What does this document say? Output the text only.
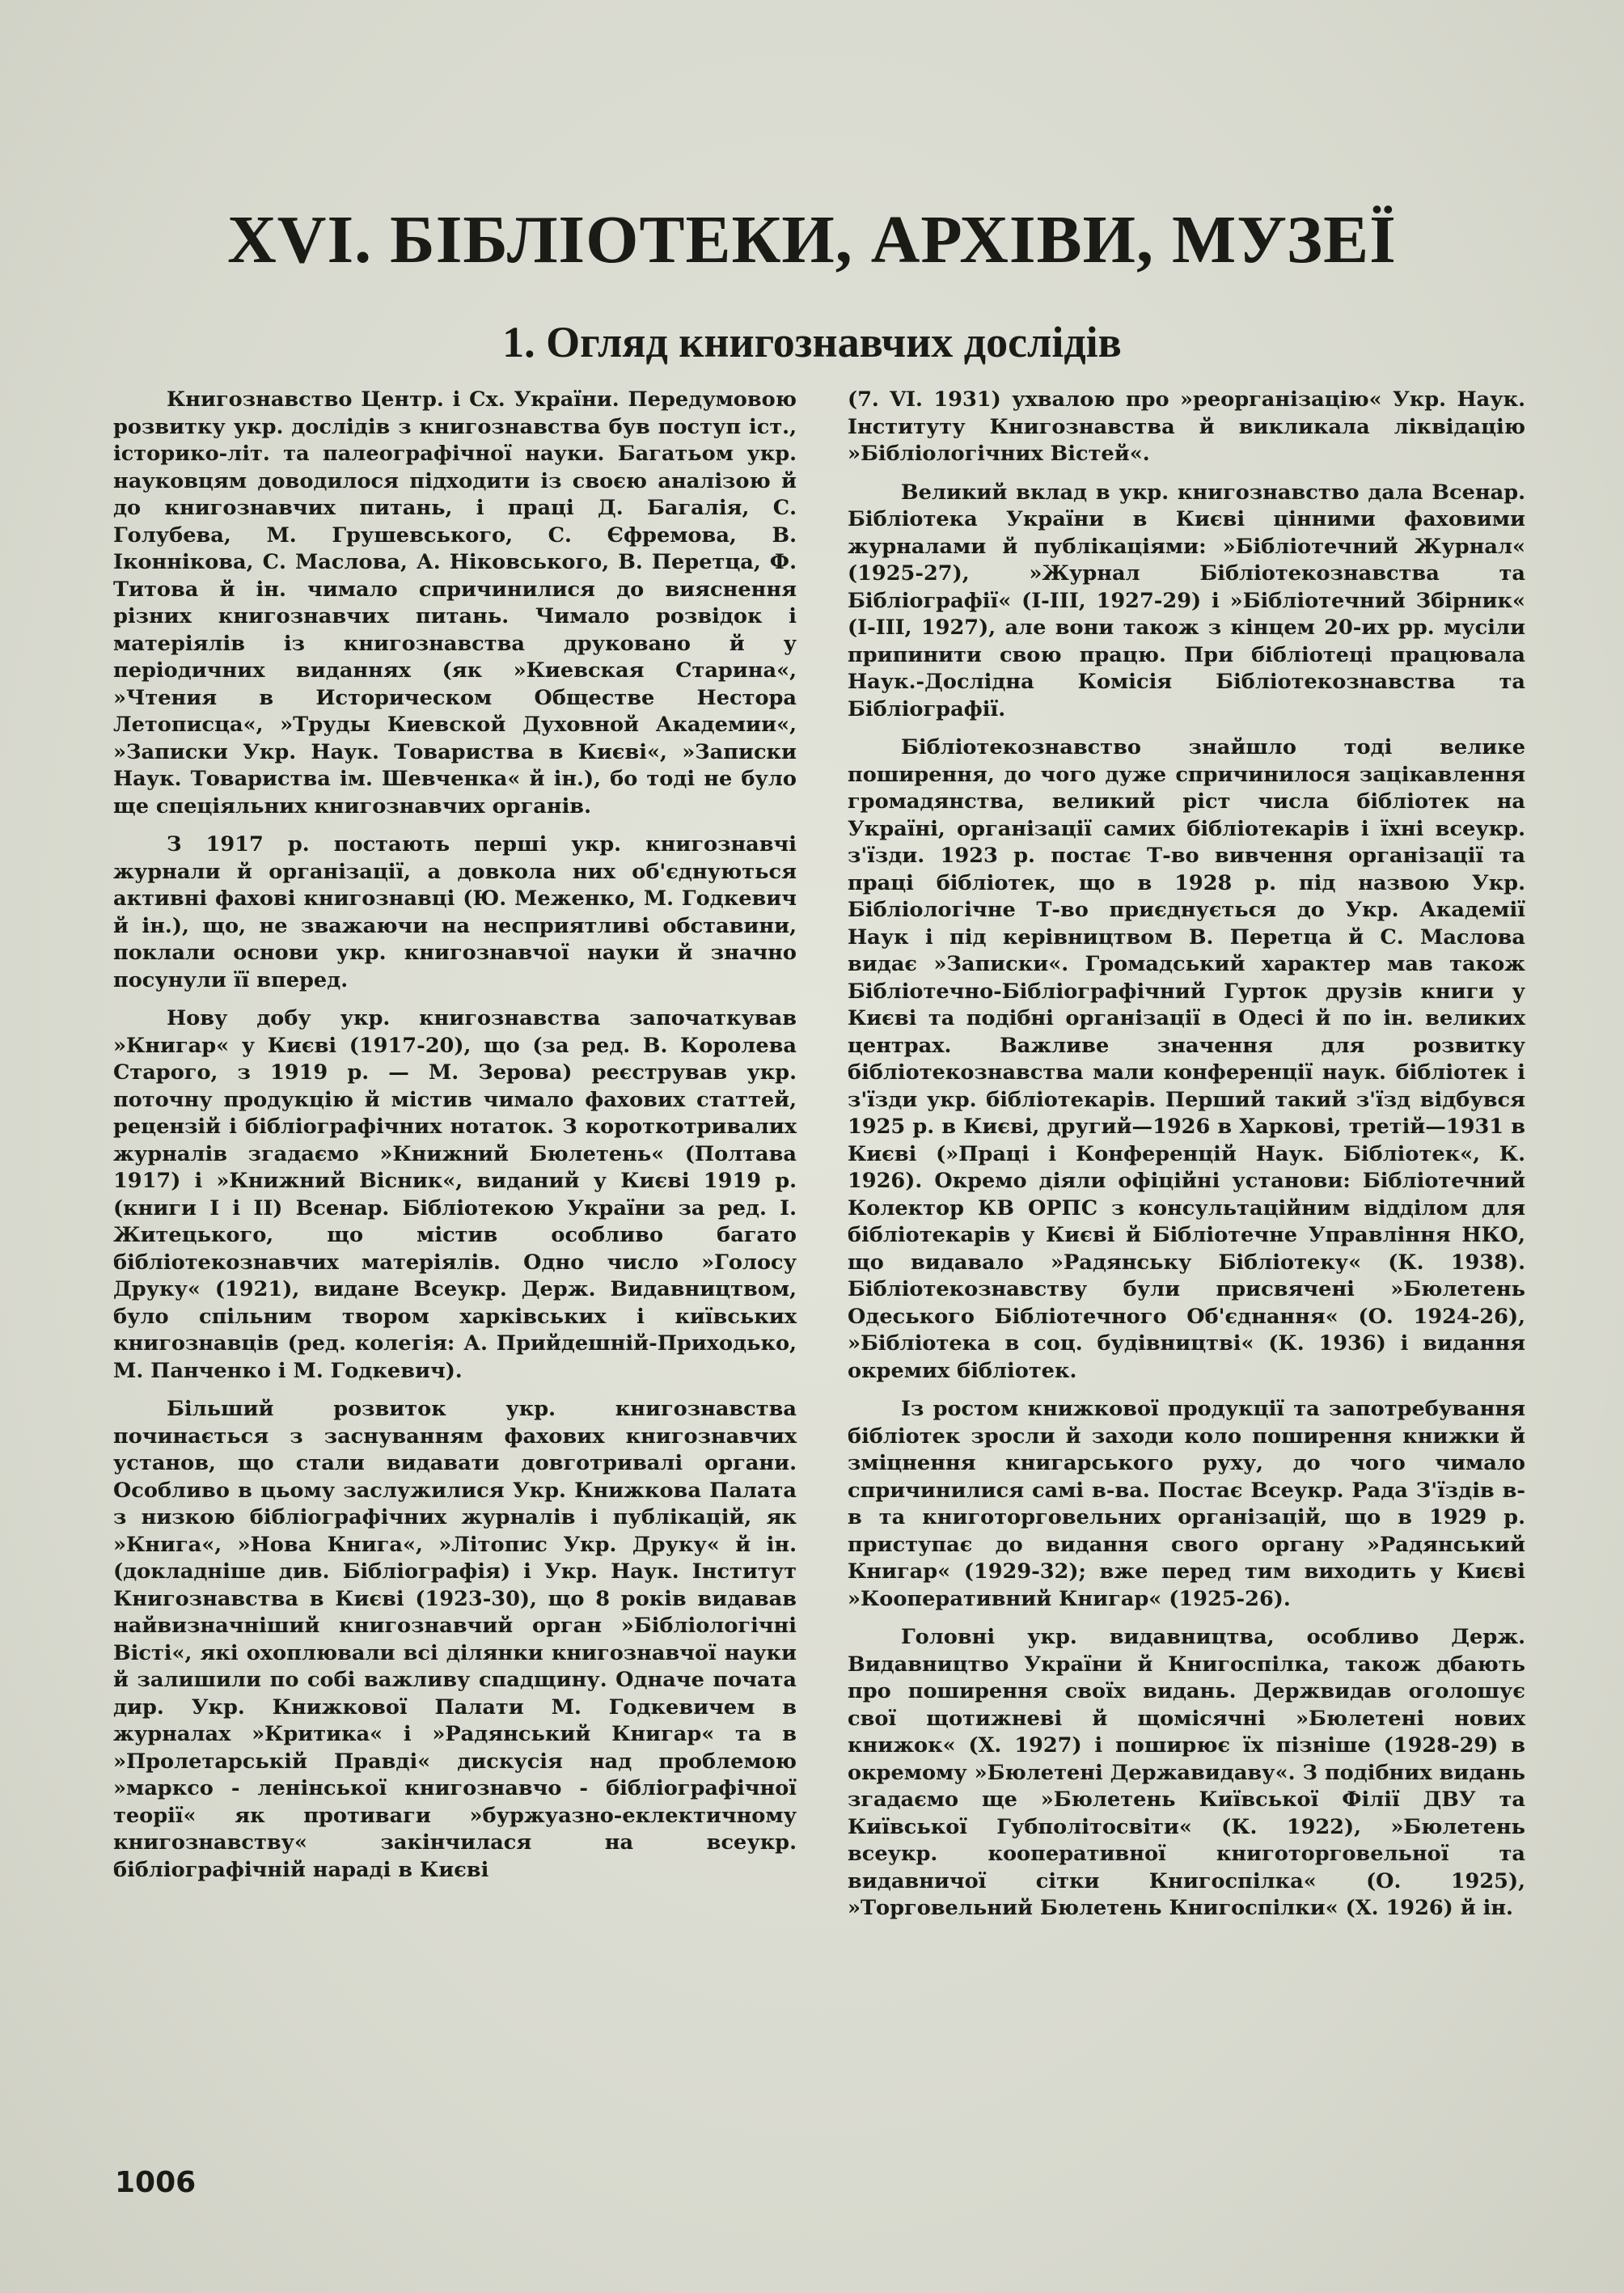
XVI. БІБЛІОТЕКИ, АРХІВИ, МУЗЕЇ
1. Огляд книгознавчих дослідів

Книгознавство Центр. і Сх. України. Передумовою розвитку укр. дослідів з книгознавства був поступ іст., історико-літ. та палеографічної науки. Багатьом укр. науковцям доводилося підходити із своєю аналізою й до книгознавчих питань, і праці Д. Багалія, С. Голубева, М. Грушевського, С. Єфремова, В. Іконнікова, С. Маслова, А. Ніковського, В. Перетца, Ф. Титова й ін. чимало спричинилися до вияснення різних книгознавчих питань. Чимало розвідок і матеріялів із книгознавства друковано й у періодичних виданнях (як »Киевская Старина«, »Чтения в Историческом Обществе Нестора Летописца«, »Труды Киевской Духовной Академии«, »Записки Укр. Наук. Товариства в Києві«, »Записки Наук. Товариства ім. Шевченка« й ін.), бо тоді не було ще спеціяльних книгознавчих органів.

З 1917 р. постають перші укр. книгознавчі журнали й організації, а довкола них об'єднуються активні фахові книгознавці (Ю. Меженко, М. Годкевич й ін.), що, не зважаючи на несприятливі обставини, поклали основи укр. книгознавчої науки й значно посунули її вперед.

Нову добу укр. книгознавства започаткував »Книгар« у Києві (1917-20), що (за ред. В. Королева Старого, з 1919 р. — М. Зерова) реєстрував укр. поточну продукцію й містив чимало фахових статтей, рецензій і бібліографічних нотаток. З короткотривалих журналів згадаємо »Книжний Бюлетень« (Полтава 1917) і »Книжний Вісник«, виданий у Києві 1919 р. (книги I і II) Всенар. Бібліотекою України за ред. І. Житецького, що містив особливо багато бібліотекознавчих матеріялів. Одно число »Голосу Друку« (1921), видане Всеукр. Держ. Видавництвом, було спільним твором харківських і київських книгознавців (ред. колегія: А. Прийдешній-Приходько, М. Панченко і М. Годкевич).

Більший розвиток укр. книгознавства починається з заснуванням фахових книгознавчих установ, що стали видавати довготривалі органи. Особливо в цьому заслужилися Укр. Книжкова Палата з низкою бібліографічних журналів і публікацій, як »Книга«, »Нова Книга«, »Літопис Укр. Друку« й ін. (докладніше див. Бібліографія) і Укр. Наук. Інститут Книгознавства в Києві (1923-30), що 8 років видавав найвизначніший книгознавчий орган »Бібліологічні Вісті«, які охоплювали всі ділянки книгознавчої науки й залишили по собі важливу спадщину. Одначе почата дир. Укр. Книжкової Палати М. Годкевичем в журналах »Критика« і »Радянський Книгар« та в »Пролетарській Правді« дискусія над проблемою »марксо - ленінської книгознавчо - бібліографічної теорії« як противаги »буржуазно-еклектичному книгознавству« закінчилася на всеукр. бібліографічній нараді в Києві

(7. VI. 1931) ухвалою про »реорганізацію« Укр. Наук. Інституту Книгознавства й викликала ліквідацію »Бібліологічних Вістей«.

Великий вклад в укр. книгознавство дала Всенар. Бібліотека України в Києві цінними фаховими журналами й публікаціями: »Бібліотечний Журнал« (1925-27), »Журнал Бібліотекознавства та Бібліографії« (I-III, 1927-29) і »Бібліотечний Збірник« (I-III, 1927), але вони також з кінцем 20-их рр. мусіли припинити свою працю. При бібліотеці працювала Наук.-Дослідна Комісія Бібліотекознавства та Бібліографії.

Бібліотекознавство знайшло тоді велике поширення, до чого дуже спричинилося зацікавлення громадянства, великий ріст числа бібліотек на Україні, організації самих бібліотекарів і їхні всеукр. з'їзди. 1923 р. постає Т-во вивчення організації та праці бібліотек, що в 1928 р. під назвою Укр. Бібліологічне Т-во приєднується до Укр. Академії Наук і під керівництвом В. Перетца й С. Маслова видає »Записки«. Громадський характер мав також Бібліотечно-Бібліографічний Гурток друзів книги у Києві та подібні організації в Одесі й по ін. великих центрах. Важливе значення для розвитку бібліотекознавства мали конференції наук. бібліотек і з'їзди укр. бібліотекарів. Перший такий з'їзд відбувся 1925 р. в Києві, другий—1926 в Харкові, третій—1931 в Києві (»Праці і Конференцій Наук. Бібліотек«, К. 1926). Окремо діяли офіційні установи: Бібліотечний Колектор КВ ОРПС з консультаційним відділом для бібліотекарів у Києві й Бібліотечне Управління НКО, що видавало »Радянську Бібліотеку« (К. 1938). Бібліотекознавству були присвячені »Бюлетень Одеського Бібліотечного Об'єднання« (О. 1924-26), »Бібліотека в соц. будівництві« (К. 1936) і видання окремих бібліотек.

Із ростом книжкової продукції та запотребування бібліотек зросли й заходи коло поширення книжки й зміцнення книгарського руху, до чого чимало спричинилися самі в-ва. Постає Всеукр. Рада З'їздів в-в та книготорговельних організацій, що в 1929 р. приступає до видання свого органу »Радянський Книгар« (1929-32); вже перед тим виходить у Києві »Кооперативний Книгар« (1925-26).

Головні укр. видавництва, особливо Держ. Видавництво України й Книгоспілка, також дбають про поширення своїх видань. Держвидав оголошує свої щотижневі й щомісячні »Бюлетені нових книжок« (Х. 1927) і поширює їх пізніше (1928-29) в окремому »Бюлетені Державидаву«. З подібних видань згадаємо ще »Бюлетень Київської Філії ДВУ та Київської Губполітосвіти« (К. 1922), »Бюлетень всеукр. кооперативної книготорговельної та видавничої сітки Книгоспілка« (О. 1925), »Торговельний Бюлетень Книгоспілки« (Х. 1926) й ін.

1006
